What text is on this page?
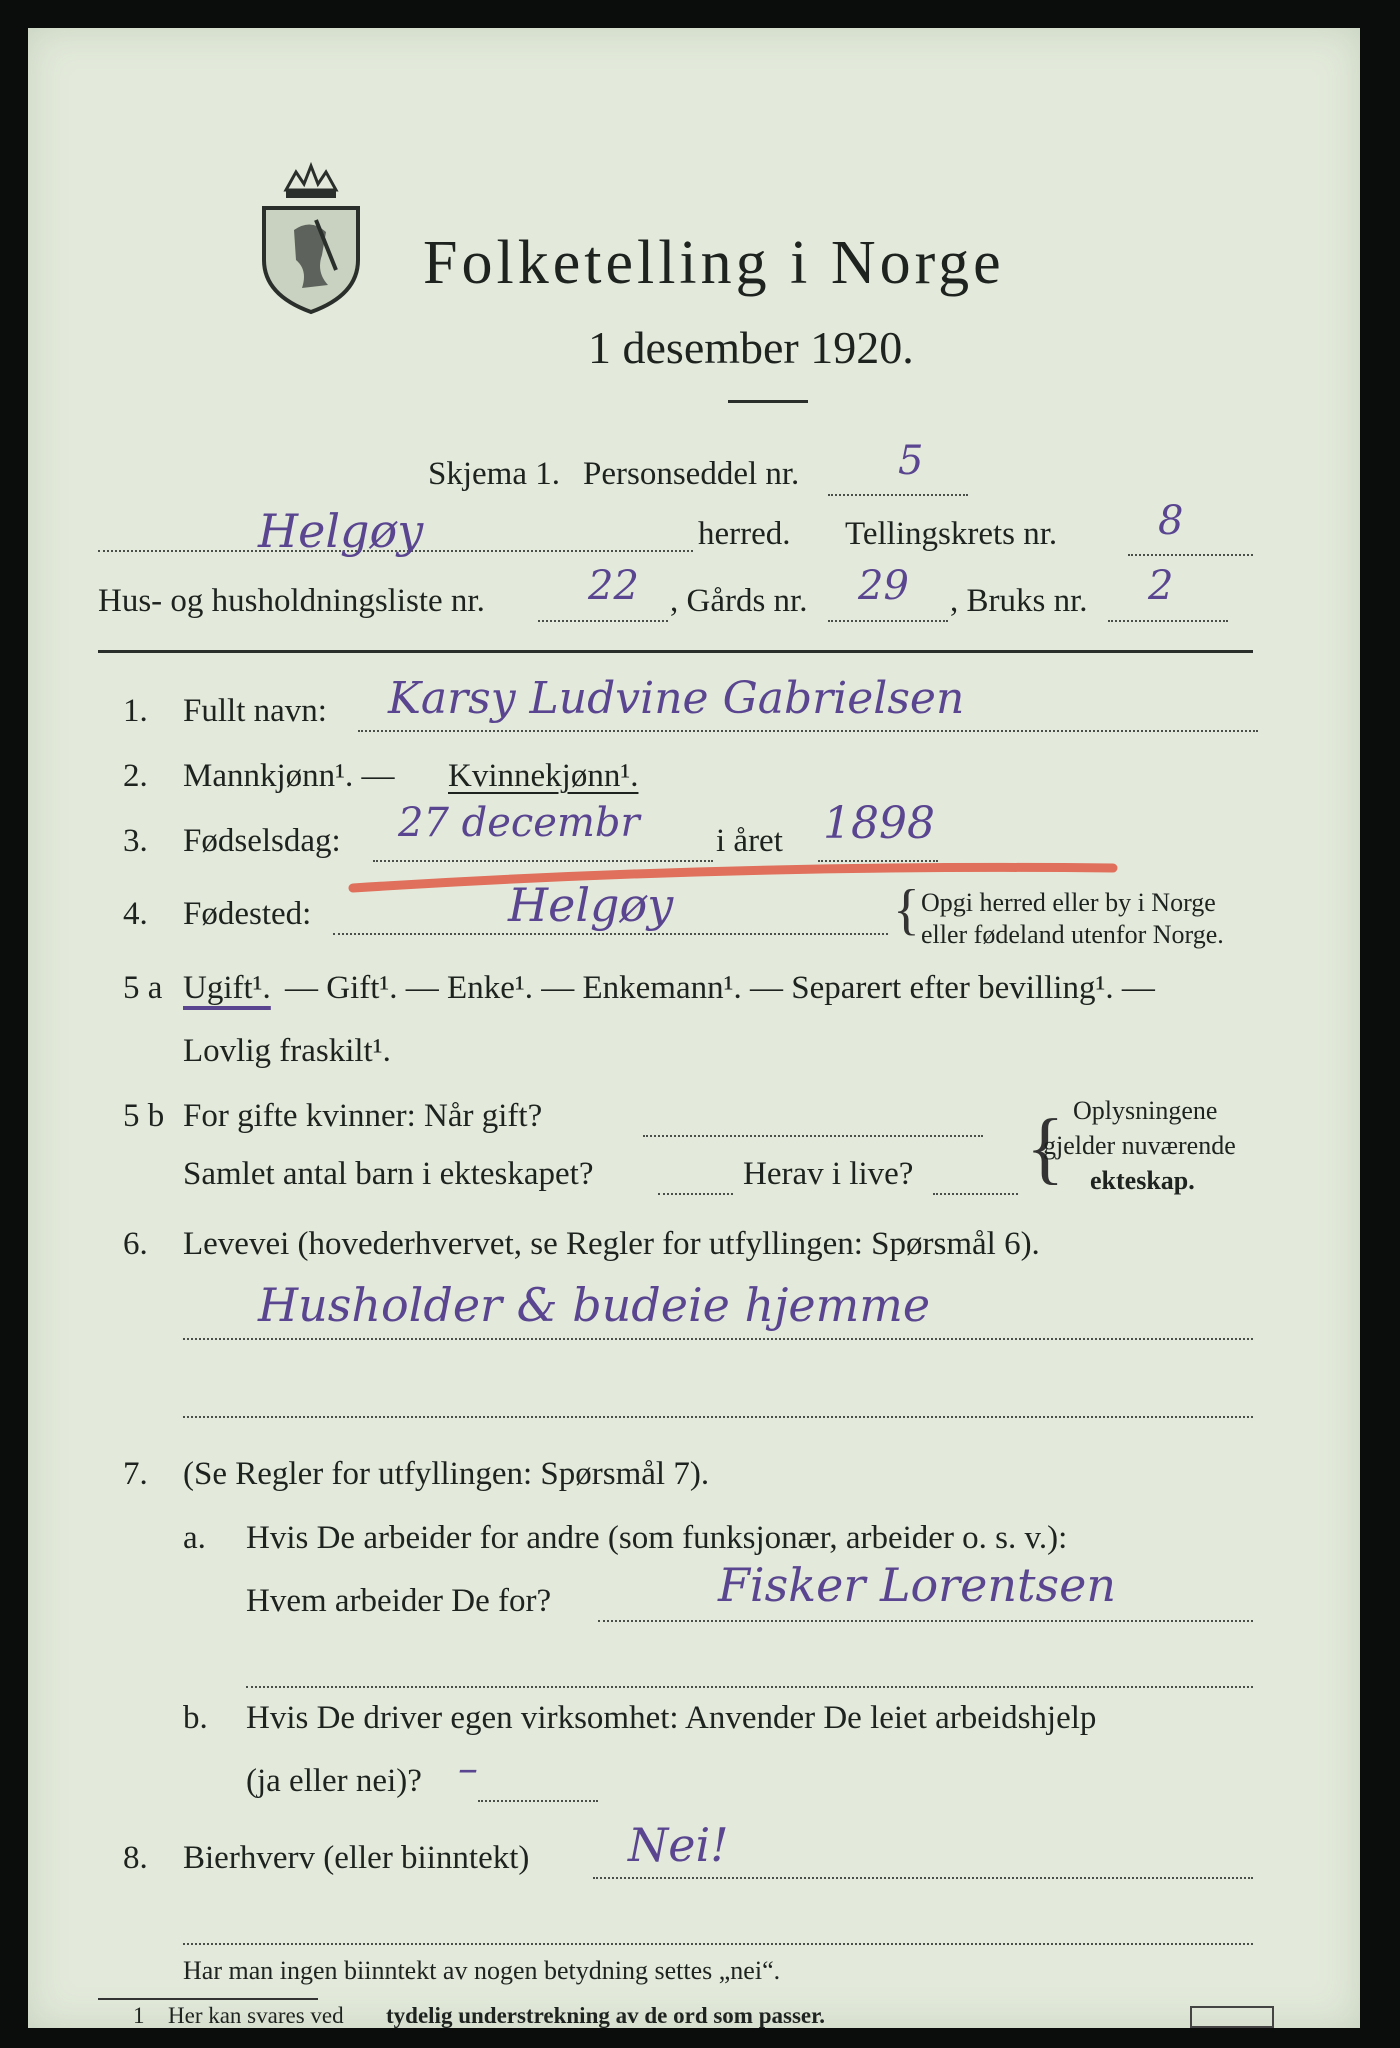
Folketelling i Norge
1 desember 1920.
Skjema 1. Personseddel nr. 5
Helgøy	herred. Tellingskrets nr.	8
Hus- og husholdningsliste nr.	22 , Gårds nr. 29 , Bruks nr. 2
1. Fullt navn: Karsy Ludvine Gabrielsen
2. Mannkjønn¹. — Kvinnekjønn¹.
3. Fødselsdag: 27 decembr i året 1898
4. Fødested:	Helgøy	{ Opgi herred eller by i Norge
eller fødeland utenfor Norge.
5 a Ugift¹. — Gift¹. — Enke¹. — Enkemann¹. — Separert efter bevilling¹. —
Lovlig fraskilt¹.
5 b For gifte kvinner: Når gift?
Samlet antal barn i ekteskapet?	Herav i live? { Oplysningene
gjelder nuværende
ekteskap.
6. Levevei (hovederhvervet, se Regler for utfyllingen: Spørsmål 6).
Husholder & budeie hjemme
7. (Se Regler for utfyllingen: Spørsmål 7).
a. Hvis De arbeider for andre (som funksjonær, arbeider o. s. v.):
Hvem arbeider De for?	Fisker Lorentsen
b. Hvis De driver egen virksomhet: Anvender De leiet arbeidshjelp
(ja eller nei)? –
8. Bierhverv (eller biinntekt) Nei!
Har man ingen biinntekt av nogen betydning settes „nei“.
1 Her kan svares ved tydelig understrekning av de ord som passer.
